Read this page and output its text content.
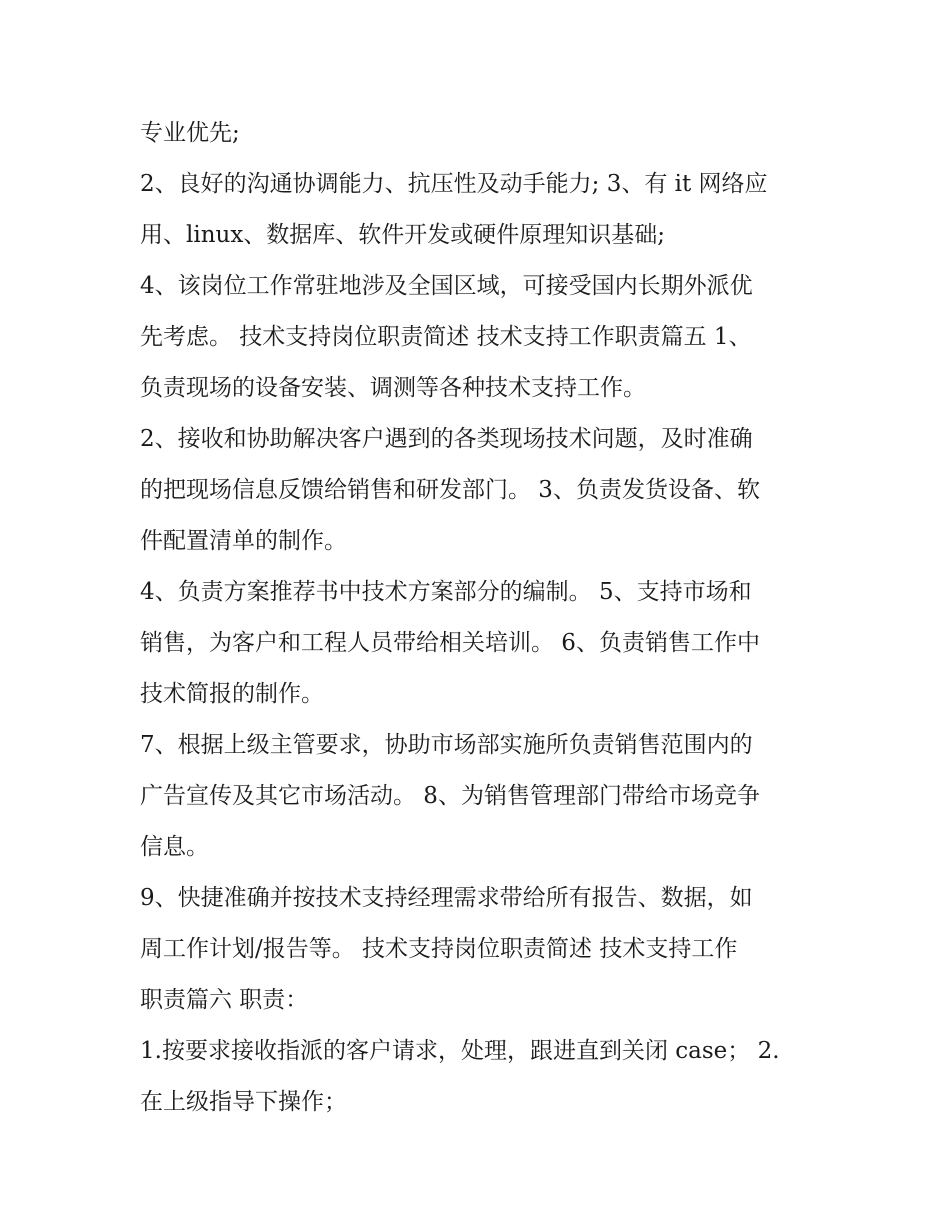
专业优先;

2、良好的沟通协调能力、抗压性及动手能力; 3、有 it 网络应
用、linux、数据库、软件开发或硬件原理知识基础;

4、该岗位工作常驻地涉及全国区域，可接受国内长期外派优
先考虑。 技术支持岗位职责简述 技术支持工作职责篇五 1、
负责现场的设备安装、调测等各种技术支持工作。

2、接收和协助解决客户遇到的各类现场技术问题，及时准确
的把现场信息反馈给销售和研发部门。 3、负责发货设备、软
件配置清单的制作。

4、负责方案推荐书中技术方案部分的编制。 5、支持市场和
销售，为客户和工程人员带给相关培训。 6、负责销售工作中
技术简报的制作。

7、根据上级主管要求，协助市场部实施所负责销售范围内的
广告宣传及其它市场活动。 8、为销售管理部门带给市场竞争
信息。

9、快捷准确并按技术支持经理需求带给所有报告、数据，如
周工作计划/报告等。 技术支持岗位职责简述 技术支持工作
职责篇六 职责：

1.按要求接收指派的客户请求，处理，跟进直到关闭 case； 2.
在上级指导下操作；
